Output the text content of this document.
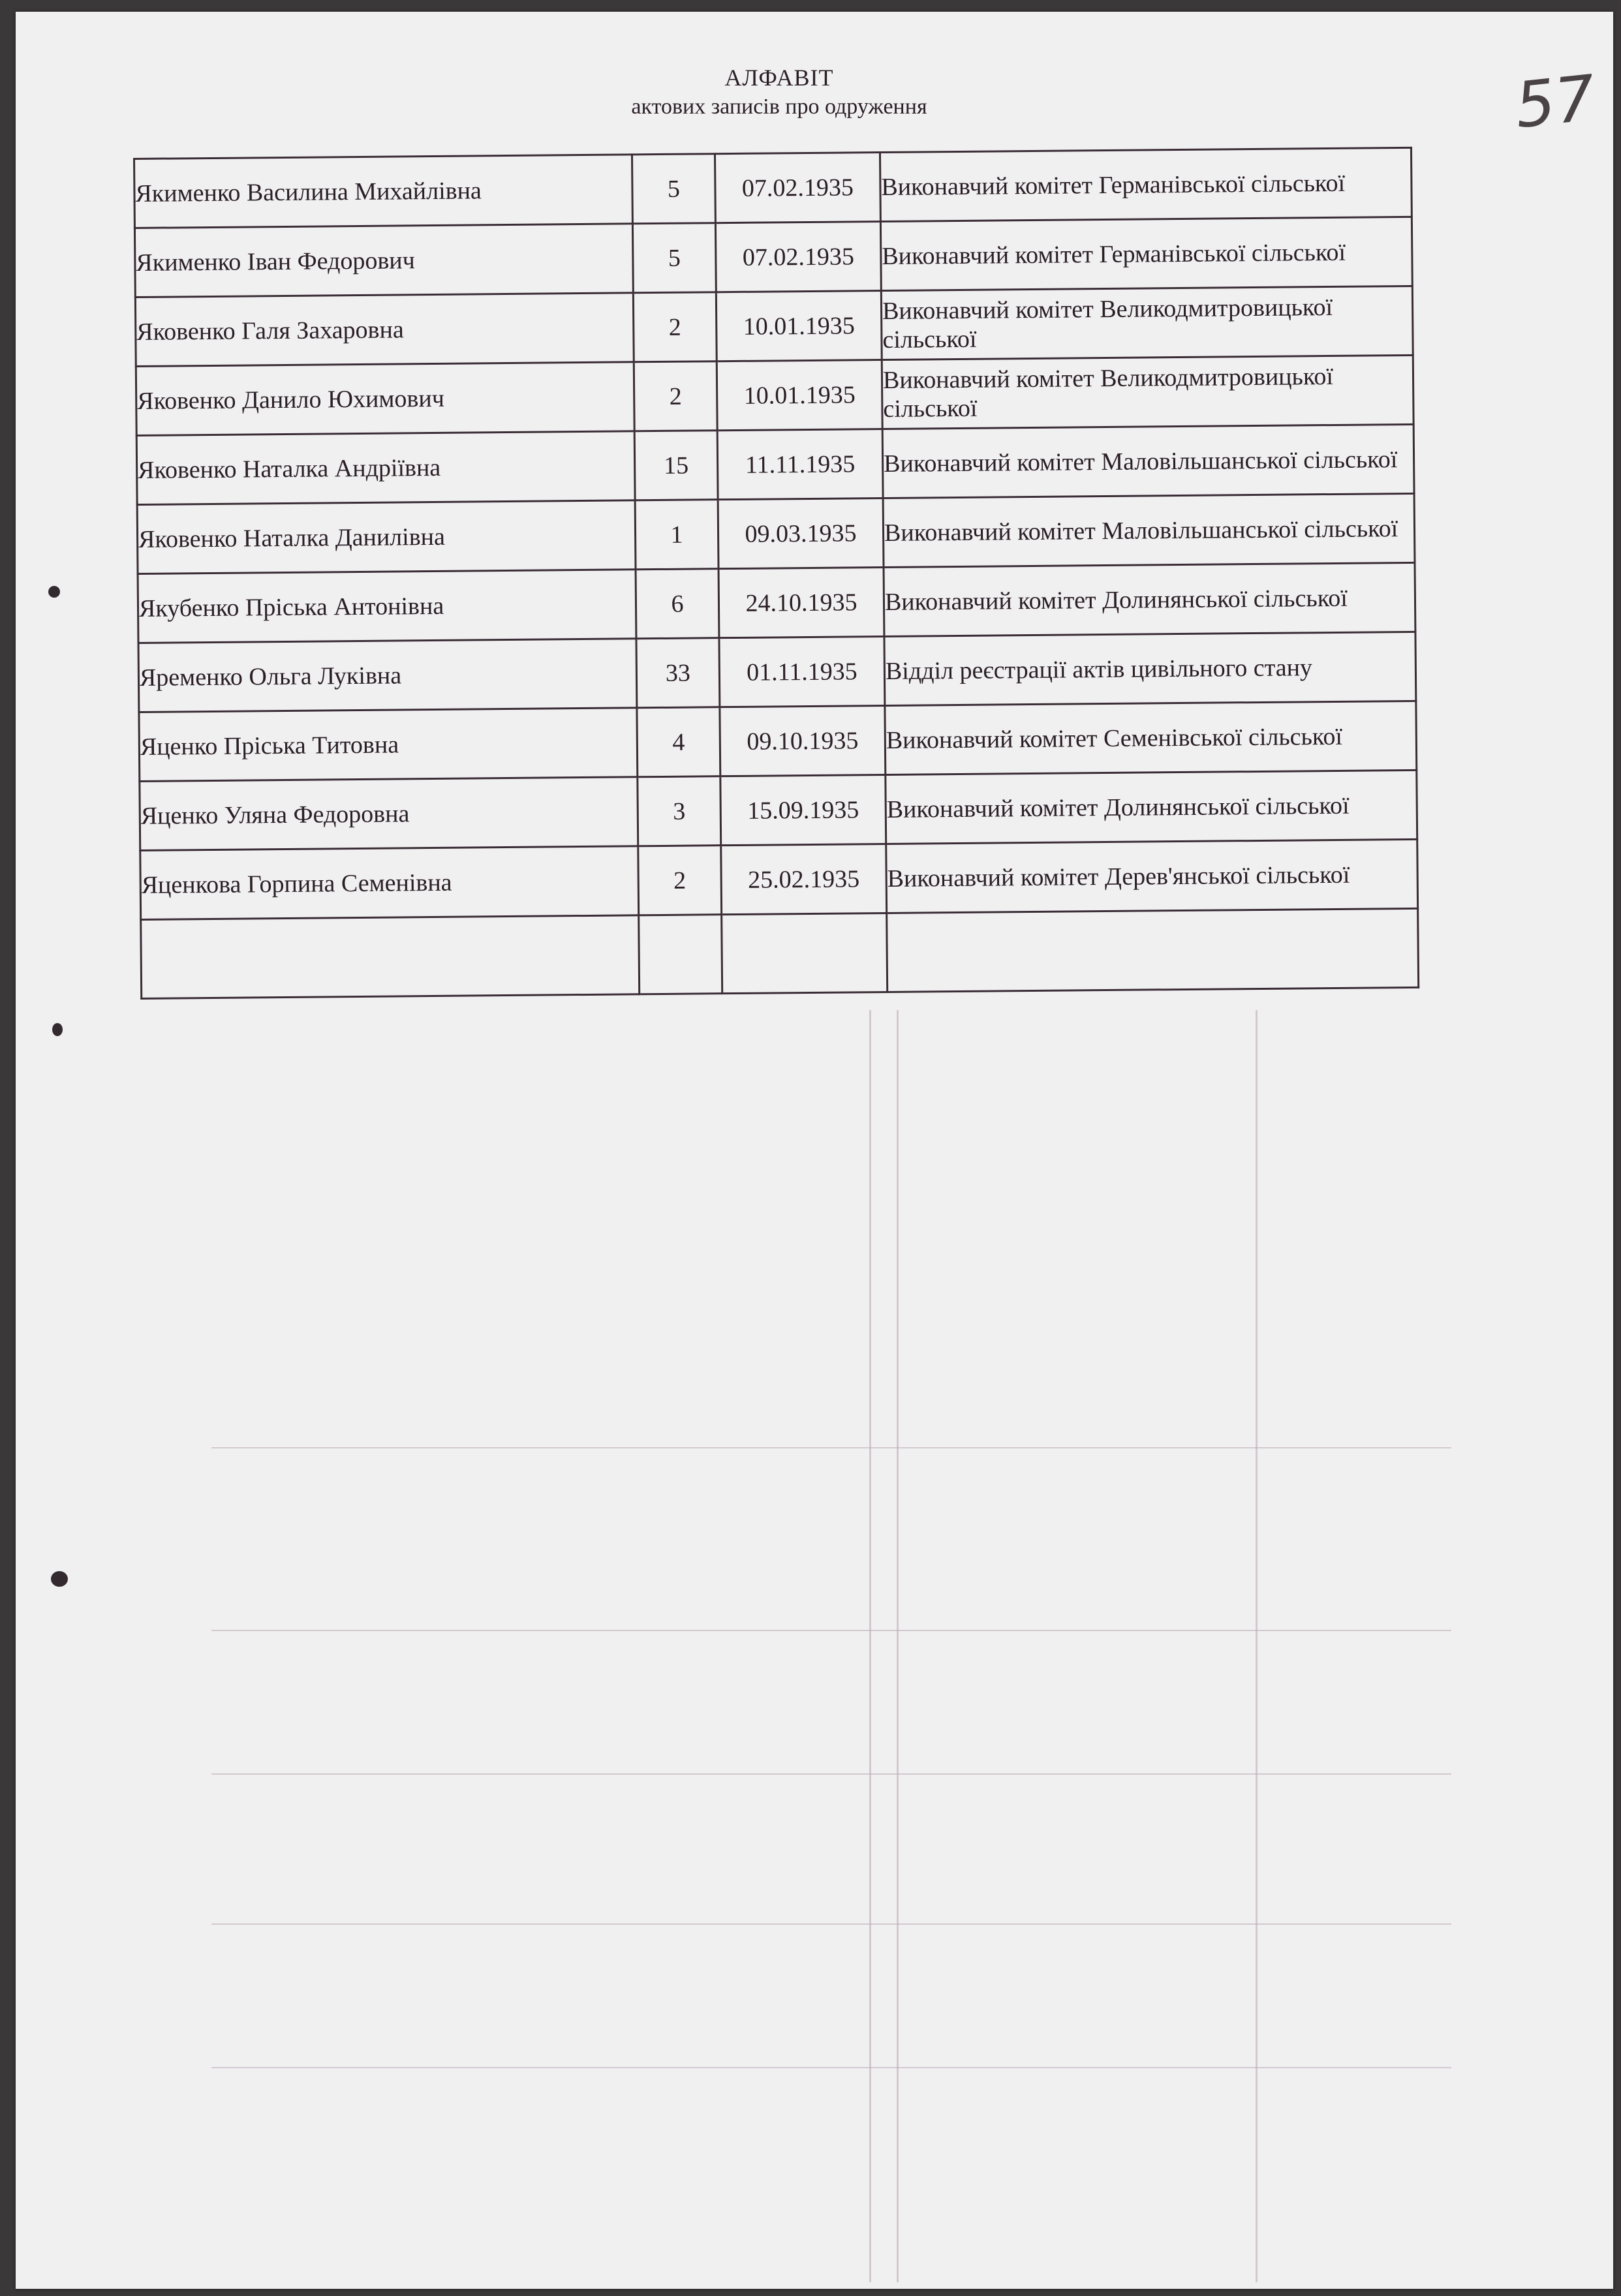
АЛФАВІТ
актових записів про одруження	57
Якименко Василина Михайлівна	5	07.02.1935	Виконавчий комітет Германівської сільської
Якименко Іван Федорович	5	07.02.1935	Виконавчий комітет Германівської сільської
Яковенко Галя Захаровна	2	10.01.1935	Виконавчий комітет Великодмитровицької сільської
Яковенко Данило Юхимович	2	10.01.1935	Виконавчий комітет Великодмитровицької сільської
Яковенко Наталка Андріївна	15	11.11.1935	Виконавчий комітет Маловільшанської сільської
Яковенко Наталка Данилівна	1	09.03.1935	Виконавчий комітет Маловільшанської сільської
Якубенко Пріська Антонівна	6	24.10.1935	Виконавчий комітет Долинянської сільської
Яременко Ольга Луківна	33	01.11.1935	Відділ реєстрації актів цивільного стану
Яценко Пріська Титовна	4	09.10.1935	Виконавчий комітет Семенівської сільської
Яценко Уляна Федоровна	3	15.09.1935	Виконавчий комітет Долинянської сільської
Яценкова Горпина Семенівна	2	25.02.1935	Виконавчий комітет Дерев'янської сільської
